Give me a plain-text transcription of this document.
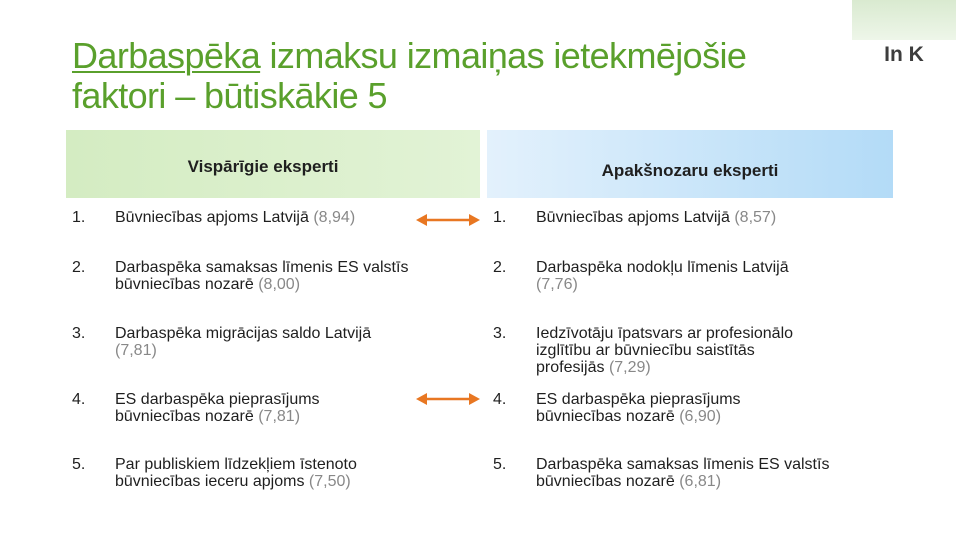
Darbaspēka izmaksu izmaiņas ietekmējošie
faktori – būtiskākie 5
In K
Vispārīgie eksperti	Apakšnozaru eksperti
1. Būvniecības apjoms Latvijā (8,94)
2. Darbaspēka samaksas līmenis ES valstīs
būvniecības nozarē (8,00)
3. Darbaspēka migrācijas saldo Latvijā
(7,81)
4. ES darbaspēka pieprasījums
būvniecības nozarē (7,81)
5. Par publiskiem līdzekļiem īstenoto
būvniecības ieceru apjoms (7,50)
1. Būvniecības apjoms Latvijā (8,57)
2. Darbaspēka nodokļu līmenis Latvijā
(7,76)
3. Iedzīvotāju īpatsvars ar profesionālo
izglītību ar būvniecību saistītās
profesijās (7,29)
4. ES darbaspēka pieprasījums
būvniecības nozarē (6,90)
5. Darbaspēka samaksas līmenis ES valstīs
būvniecības nozarē (6,81)
